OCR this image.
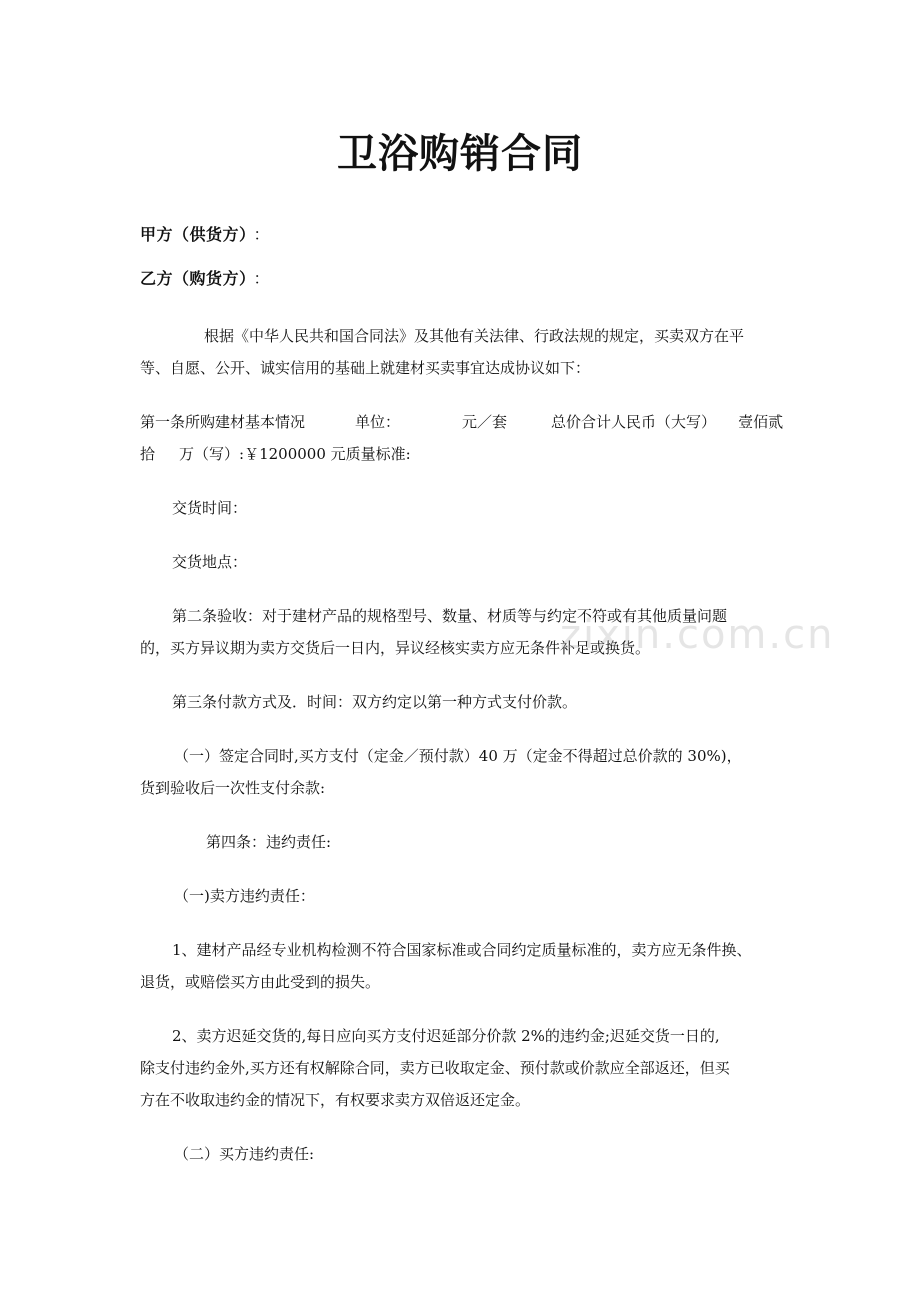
卫浴购销合同
甲方（供货方） ：
乙方（购货方） ：
根据《中华人民共和国合同法》及其他有关法律、行政法规的规定，买卖双方在平
等、自愿、公开、诚实信用的基础上就建材买卖事宜达成协议如下：
第一条所购建材基本情况	单位：	元／套	总价合计人民币（大写） 壹佰贰
拾 万（写）:￥1200000 元质量标准:
交货时间：
交货地点：
第二条验收：对于建材产品的规格型号、数量、材质等与约定不符或有其他质量问题
的，买方异议期为卖方交货后一日内，异议经核实卖方应无条件补足或换货。
第三条付款方式及．时间：双方约定以第一种方式支付价款。
（一）签定合同时,买方支付（定金／预付款）40 万（定金不得超过总价款的 30%)，
货到验收后一次性支付余款:
第四条：违约责任:
（一)卖方违约责任：
1、建材产品经专业机构检测不符合国家标准或合同约定质量标准的，卖方应无条件换、
退货，或赔偿买方由此受到的损失。
2、卖方迟延交货的,每日应向买方支付迟延部分价款 2%的违约金;迟延交货一日的,
除支付违约金外,买方还有权解除合同，卖方已收取定金、预付款或价款应全部返还，但买
方在不收取违约金的情况下，有权要求卖方双倍返还定金。
（二）买方违约责任:
zixin.com.cn
